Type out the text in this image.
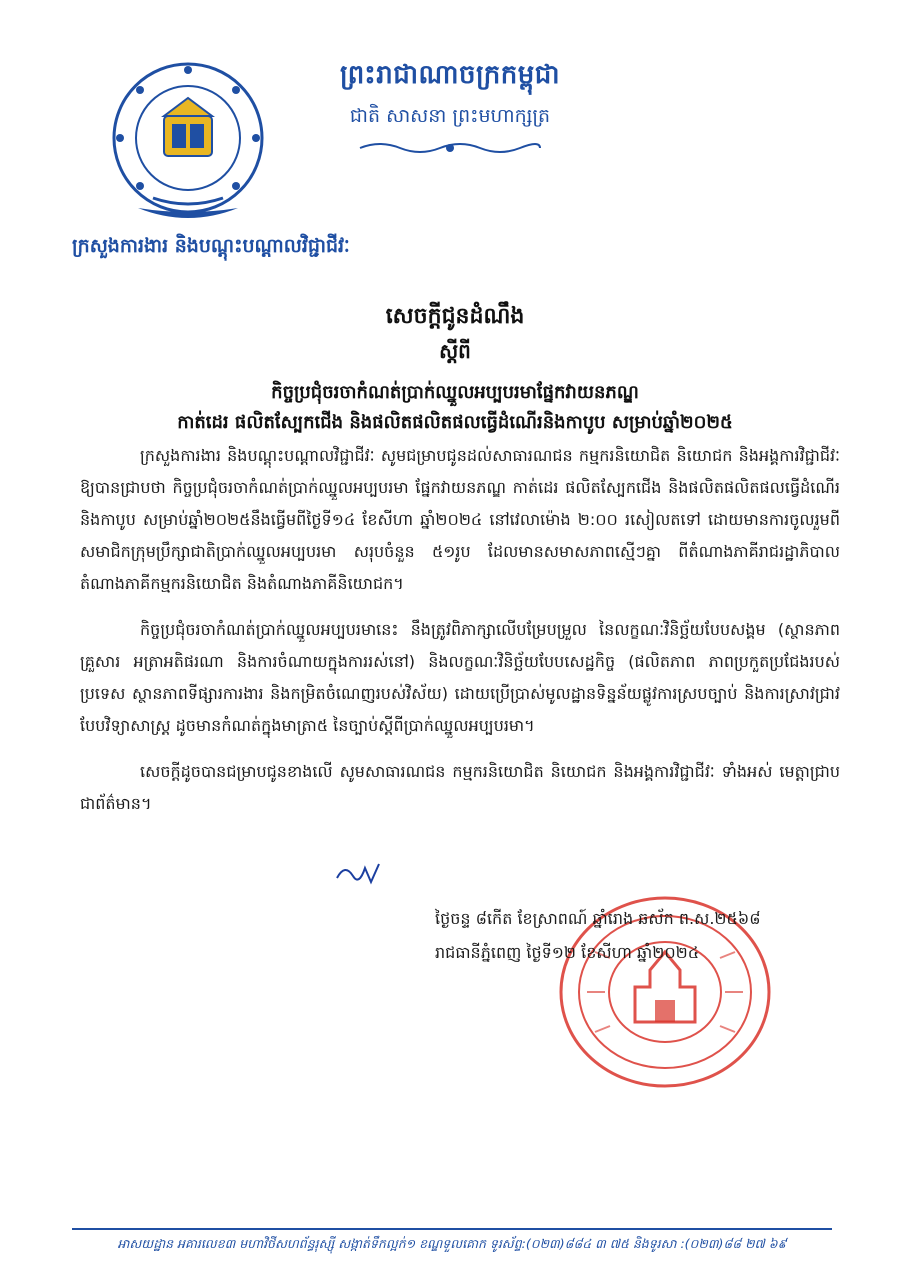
ព្រះរាជាណាចក្រកម្ពុជា
ជាតិ សាសនា ព្រះមហាក្សត្រ
ក្រសួងការងារ និងបណ្តុះបណ្តាលវិជ្ជាជីវៈ
សេចក្តីជូនដំណឹង
ស្តីពី
កិច្ចប្រជុំចរចាកំណត់ប្រាក់ឈ្នួលអប្បបរមាផ្នែកវាយនភណ្ឌ
កាត់ដេរ ផលិតស្បែកជើង និងផលិតផលិតផលធ្វើដំណើរនិងកាបូប សម្រាប់ឆ្នាំ២០២៥

ក្រសួងការងារ និងបណ្តុះបណ្តាលវិជ្ជាជីវៈ សូមជម្រាបជូនដល់សាធារណជន កម្មករនិយោជិត និយោជក និងអង្គការវិជ្ជាជីវៈ ឱ្យបានជ្រាបថា កិច្ចប្រជុំចរចាកំណត់ប្រាក់ឈ្នួលអប្បបរមា ផ្នែកវាយនភណ្ឌ កាត់ដេរ ផលិតស្បែកជើង និងផលិតផលិតផលធ្វើដំណើរនិងកាបូប សម្រាប់ឆ្នាំ២០២៥នឹងធ្វើមពីថ្ងៃទី១៤ ខែសីហា ឆ្នាំ២០២៤ នៅវេលាម៉ោង ២:០០ រសៀលតទៅ ដោយមានការចូលរួមពីសមាជិកក្រុមប្រឹក្សាជាតិប្រាក់ឈ្នួលអប្បបរមា សរុបចំនួន ៥១រូប ដែលមានសមាសភាពស្មើៗគ្នា ពីតំណាងភាគីរាជរដ្ឋាភិបាល តំណាងភាគីកម្មករនិយោជិត និងតំណាងភាគីនិយោជក។

កិច្ចប្រជុំចរចាកំណត់ប្រាក់ឈ្នួលអប្បបរមានេះ នឹងត្រូវពិភាក្សាលើបម្រែបម្រួល នៃលក្ខណៈវិនិច្ឆ័យបែបសង្គម (ស្ថានភាពគ្រួសារ អត្រាអតិផរណា និងការចំណាយក្នុងការរស់នៅ) និងលក្ខណៈវិនិច្ឆ័យបែបសេដ្ឋកិច្ច (ផលិតភាព ភាពប្រកួតប្រជែងរបស់ប្រទេស ស្ថានភាពទីផ្សារការងារ និងកម្រិតចំណេញរបស់វិស័យ) ដោយប្រើប្រាស់មូលដ្ឋានទិន្នន័យផ្លូវការស្របច្បាប់ និងការស្រាវជ្រាវបែបវិទ្យាសាស្ត្រ ដូចមានកំណត់ក្នុងមាត្រា៥ នៃច្បាប់ស្តីពីប្រាក់ឈ្នួលអប្បបរមា។

សេចក្តីដូចបានជម្រាបជូនខាងលើ សូមសាធារណជន កម្មករនិយោជិត និយោជក និងអង្គការវិជ្ជាជីវៈ ទាំងអស់ មេត្តាជ្រាបជាព័ត៌មាន។

ថ្ងៃចន្ទ ៨កើត ខែស្រាពណ៍ ឆ្នាំរោង ឆស័ក ព.ស.២៥៦៨
រាជធានីភ្នំពេញ ថ្ងៃទី១២ ខែសីហា ឆ្នាំ២០២៤
អាសយដ្ឋាន អគារលេខ៣ មហាវិថីសហព័ន្ធរុស្ស៊ី សង្កាត់ទឹកល្អក់១ ខណ្ឌទួលគោក ទូរស័ព្ទ:(០២៣)៨៨៤ ៣ ៧៥ និងទូរសា :(០២៣)៨៨ ២៧ ៦៩
